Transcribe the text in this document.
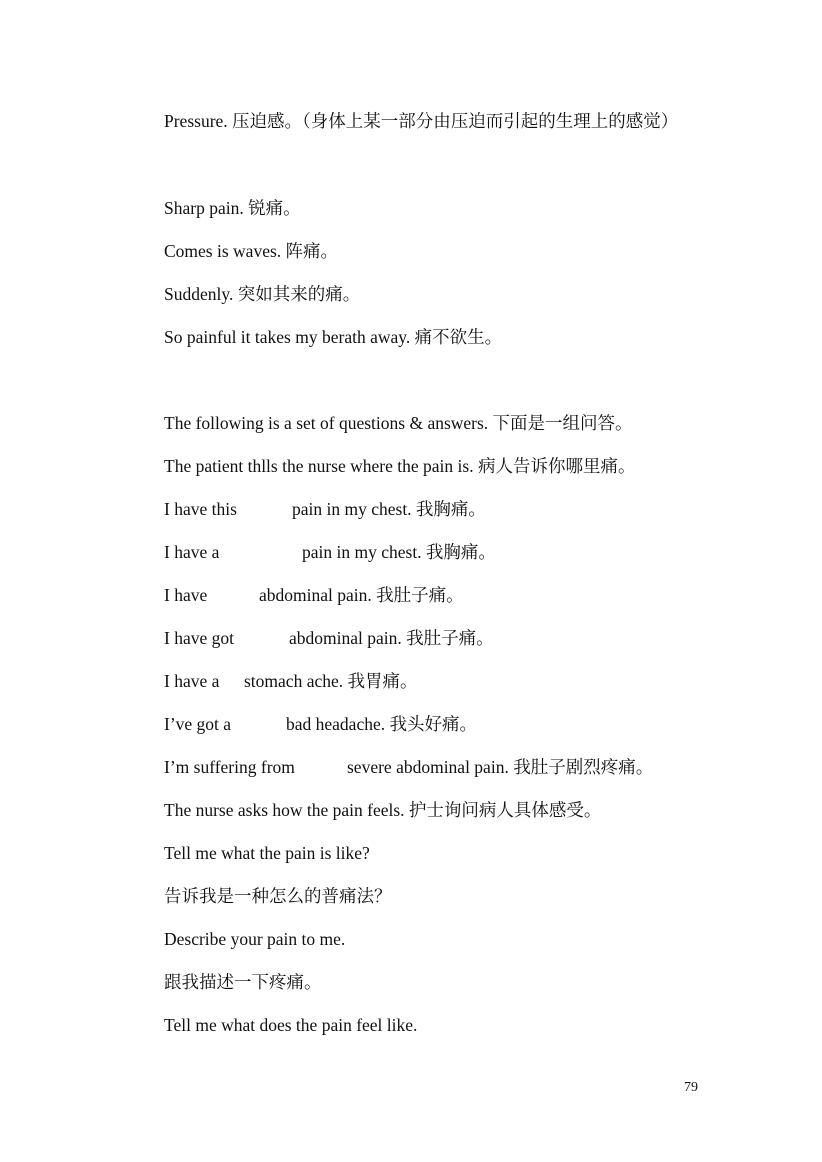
Pressure. 压迫感。（身体上某一部分由压迫而引起的生理上的感觉）

Sharp pain. 锐痛。

Comes is waves. 阵痛。

Suddenly. 突如其来的痛。

So painful it takes my berath away. 痛不欲生。

The following is a set of questions & answers. 下面是一组问答。

The patient thlls the nurse where the pain is. 病人告诉你哪里痛。

I have this	pain in my chest. 我胸痛。
I have a	pain in my chest. 我胸痛。
I have	abdominal pain. 我肚子痛。
I have got	abdominal pain. 我肚子痛。
I have a stomach ache. 我胃痛。
I’ve got a	bad headache. 我头好痛。
I’m suffering from	severe abdominal pain. 我肚子剧烈疼痛。

The nurse asks how the pain feels. 护士询问病人具体感受。

Tell me what the pain is like?

告诉我是一种怎么的普痛法？

Describe your pain to me.

跟我描述一下疼痛。

Tell me what does the pain feel like.

79
